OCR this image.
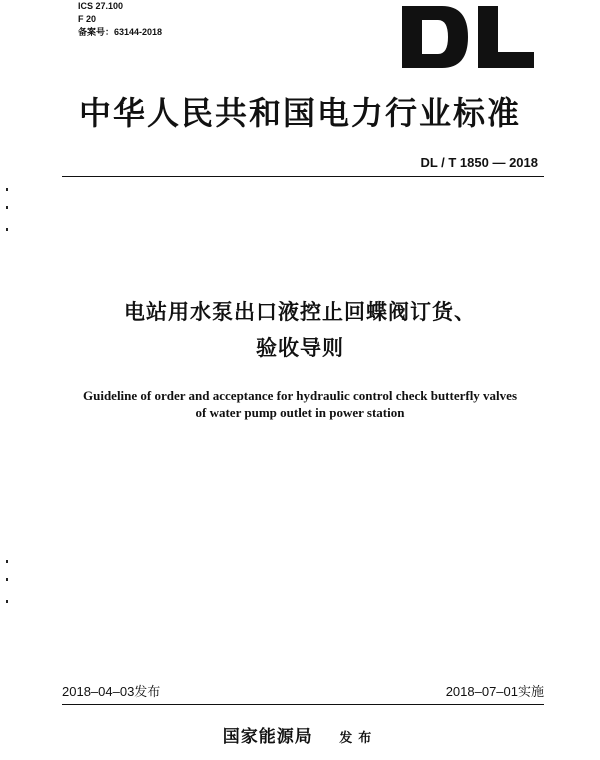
ICS 27.100
F 20
备案号：63144-2018
中华人民共和国电力行业标准
DL / T 1850 — 2018
电站用水泵出口液控止回蝶阀订货、
验收导则
Guideline of order and acceptance for hydraulic control check butterfly valves
of water pump outlet in power station
2018–04–03发布	2018–07–01实施
国家能源局 发布
